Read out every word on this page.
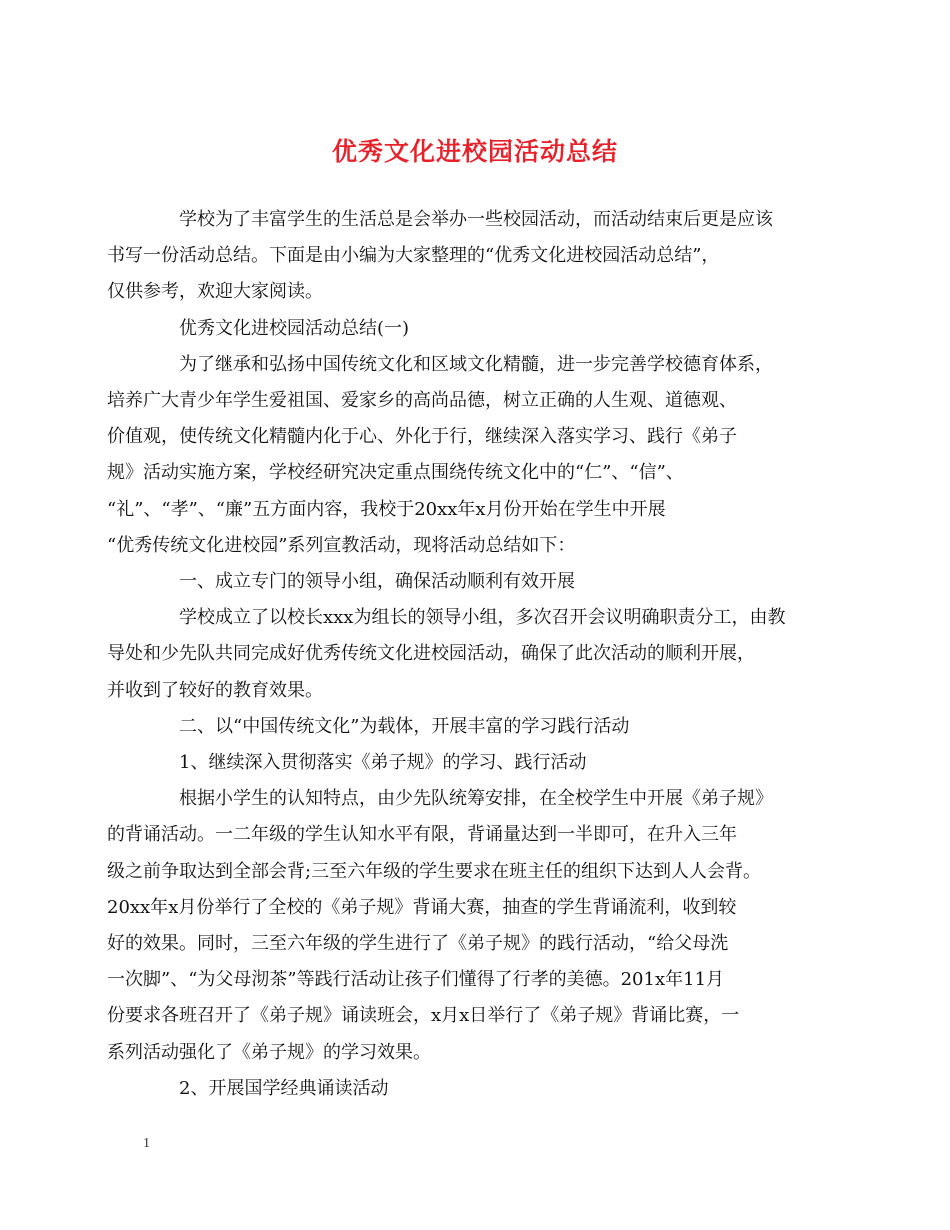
优秀文化进校园活动总结
学校为了丰富学生的生活总是会举办一些校园活动，而活动结束后更是应该
书写一份活动总结。下面是由小编为大家整理的“优秀文化进校园活动总结”，
仅供参考，欢迎大家阅读。
优秀文化进校园活动总结(一)
为了继承和弘扬中国传统文化和区域文化精髓，进一步完善学校德育体系，
培养广大青少年学生爱祖国、爱家乡的高尚品德，树立正确的人生观、道德观、
价值观，使传统文化精髓内化于心、外化于行，继续深入落实学习、践行《弟子
规》活动实施方案，学校经研究决定重点围绕传统文化中的“仁”、“信”、
“礼”、“孝”、“廉”五方面内容，我校于20xx年x月份开始在学生中开展
“优秀传统文化进校园”系列宣教活动，现将活动总结如下：
一、成立专门的领导小组，确保活动顺利有效开展
学校成立了以校长xxx为组长的领导小组，多次召开会议明确职责分工，由教
导处和少先队共同完成好优秀传统文化进校园活动，确保了此次活动的顺利开展，
并收到了较好的教育效果。
二、以“中国传统文化”为载体，开展丰富的学习践行活动
1、继续深入贯彻落实《弟子规》的学习、践行活动
根据小学生的认知特点，由少先队统筹安排，在全校学生中开展《弟子规》
的背诵活动。一二年级的学生认知水平有限，背诵量达到一半即可，在升入三年
级之前争取达到全部会背;三至六年级的学生要求在班主任的组织下达到人人会背。
20xx年x月份举行了全校的《弟子规》背诵大赛，抽查的学生背诵流利，收到较
好的效果。同时，三至六年级的学生进行了《弟子规》的践行活动，“给父母洗
一次脚”、“为父母沏茶”等践行活动让孩子们懂得了行孝的美德。201x年11月
份要求各班召开了《弟子规》诵读班会，x月x日举行了《弟子规》背诵比赛，一
系列活动强化了《弟子规》的学习效果。
2、开展国学经典诵读活动
1
